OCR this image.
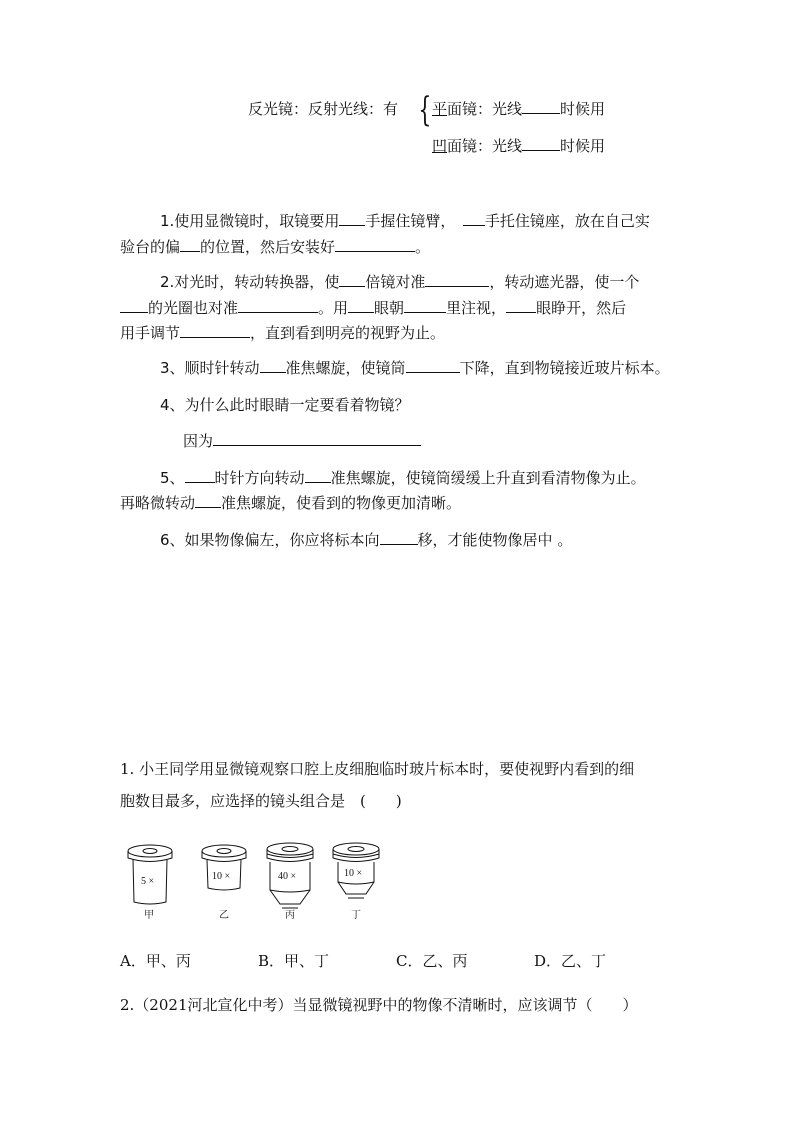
反光镜：反射光线：有 { 平面镜：光线	时候用
凹面镜：光线	时候用
1.使用显微镜时，取镜要用 手握住镜臂，　 手托住镜座，放在自己实
验台的偏 的位置，然后安装好	。
2.对光时，转动转换器，使 倍镜对准	，转动遮光器，使一个
的光圈也对准	。用 眼朝	里注视， 眼睁开，然后
用手调节	，直到看到明亮的视野为止。
3、顺时针转动 准焦螺旋，使镜筒	下降，直到物镜接近玻片标本。
4、为什么此时眼睛一定要看着物镜？
因为
5、 时针方向转动 准焦螺旋，使镜筒缓缓上升直到看清物像为止。
再略微转动 准焦螺旋，使看到的物像更加清晰。
6、如果物像偏左，你应将标本向	移，才能使物像居中 。
1. 小王同学用显微镜观察口腔上皮细胞临时玻片标本时，要使视野内看到的细
胞数目最多，应选择的镜头组合是　(　　)
5 ×	10 ×	40 ×	10 ×
甲	乙	丙	丁
A．甲、丙	B．甲、丁	C．乙、丙	D．乙、丁
2.（2021河北宣化中考）当显微镜视野中的物像不清晰时，应该调节（　　）
